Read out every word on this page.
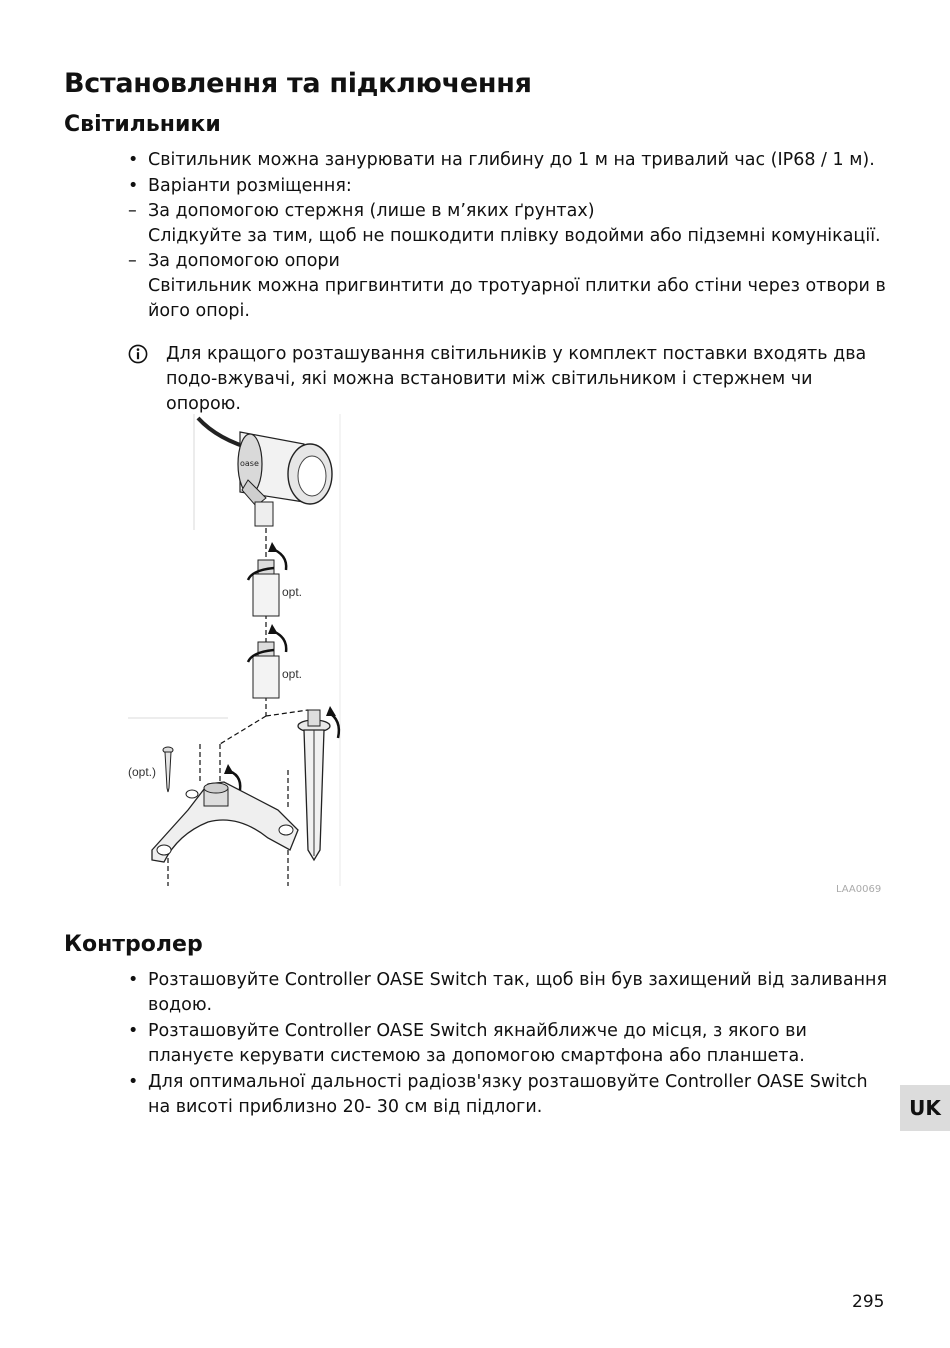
Встановлення та підключення
Світильники
• Світильник можна занурювати на глибину до 1 м на тривалий час (IP68 / 1 м).
• Варіанти розміщення:
– За допомогою стержня (лише в м’яких ґрунтах)
Слідкуйте за тим, щоб не пошкодити плівку водойми або підземні комунікації.
– За допомогою опори
Світильник можна пригвинтити до тротуарної плитки або стіни через отвори в його опорі.
Для кращого розташування світильників у комплект поставки входять два подо-вжувачі, які можна встановити між світильником і стержнем чи опорою.
oase
opt.
opt.
(opt.)
LAA0069
Контролер
• Розташовуйте Controller OASE Switch так, щоб він був захищений від заливання водою.
• Розташовуйте Controller OASE Switch якнайближче до місця, з якого ви плануєте керувати системою за допомогою смартфона або планшета.
• Для оптимальної дальності радіозв'язку розташовуйте Controller OASE Switch на висоті приблизно 20- 30 см від підлоги.	UK
295
